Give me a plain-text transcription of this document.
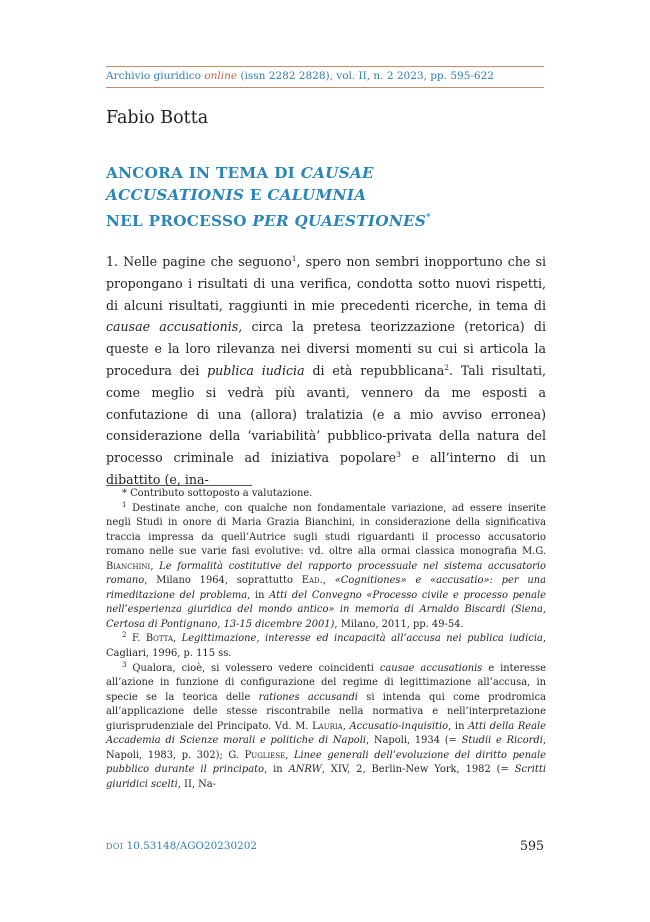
Archivio giuridico online (issn 2282 2828), vol. II, n. 2 2023, pp. 595-622
Fabio Botta
ANCORA IN TEMA DI CAUSAE
ACCUSATIONIS E CALUMNIA
NEL PROCESSO PER QUAESTIONES*

1. Nelle pagine che seguono$^1$, spero non sembri inopportuno che si propongano i risultati di una verifica, condotta sotto nuovi rispetti, di alcuni risultati, raggiunti in mie precedenti ricerche, in tema di causae accusationis, circa la pretesa teorizzazione (retorica) di queste e la loro rilevanza nei diversi momenti su cui si articola la procedura dei publica iudicia di età repubblicana$^2$. Tali risultati, come meglio si vedrà più avanti, vennero da me esposti a confutazione di una (allora) tralatizia (e a mio avviso erronea) considerazione della ‘variabilità’ pubblico-privata della natura del processo criminale ad iniziativa popolare$^3$ e all’interno di un dibattito (e, ina-

* Contributo sottoposto a valutazione.

$^1$ Destinate anche, con qualche non fondamentale variazione, ad essere inserite negli Studi in onore di Maria Grazia Bianchini, in considerazione della significativa traccia impressa da quell’Autrice sugli studi riguardanti il processo accusatorio romano nelle sue varie fasi evolutive: vd. oltre alla ormai classica monografia M.G. Bianchini, Le formalità costitutive del rapporto processuale nel sistema accusatorio romano, Milano 1964, soprattutto Ead., «Cognitiones» e «accusatio»: per una rimeditazione del problema, in Atti del Convegno «Processo civile e processo penale nell’esperienza giuridica del mondo antico» in memoria di Arnaldo Biscardi (Siena, Certosa di Pontignano, 13-15 dicembre 2001), Milano, 2011, pp. 49-54.

$^2$ F. Botta, Legittimazione, interesse ed incapacità all’accusa nei publica iudicia, Cagliari, 1996, p. 115 ss.

$^3$ Qualora, cioè, si volessero vedere coincidenti causae accusationis e interesse all’azione in funzione di configurazione del regime di legittimazione all’accusa, in specie se la teorica delle rationes accusandi si intenda qui come prodromica all’applicazione delle stesse riscontrabile nella normativa e nell’interpretazione giurisprudenziale del Principato. Vd. M. Lauria, Accusatio-inquisitio, in Atti della Reale Accademia di Scienze morali e politiche di Napoli, Napoli, 1934 (= Studii e Ricordi, Napoli, 1983, p. 302); G. Pugliese, Linee generali dell’evoluzione del diritto penale pubblico durante il principato, in ANRW, XIV, 2, Berlin-New York, 1982 (= Scritti giuridici scelti, II, Na-

DOI 10.53148/AGO20230202	595
